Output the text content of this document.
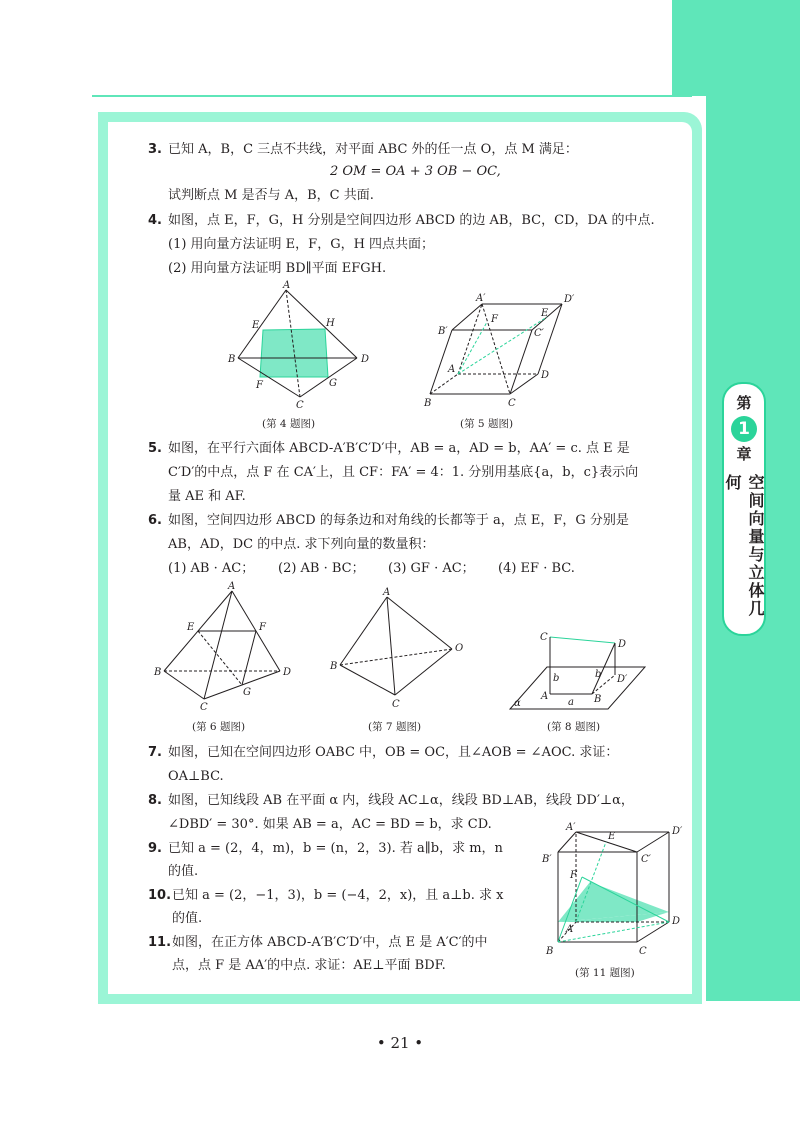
第
1
章
空间向量与立体几何
3. 已知 A，B，C 三点不共线，对平面 ABC 外的任一点 O，点 M 满足：
2 OM = OA + 3 OB − OC,
试判断点 M 是否与 A，B，C 共面.
4. 如图，点 E，F，G，H 分别是空间四边形 ABCD 的边 AB，BC，CD，DA 的中点.
(1) 用向量方法证明 E，F，G，H 四点共面；
(2) 用向量方法证明 BD∥平面 EFGH.
A
B
C
D
E
F	G
H
(第 4 题图)
A′	D′
B′	C′
E
F
A
D
B	C
(第 5 题图)
5. 如图，在平行六面体 ABCD-A′B′C′D′中，AB = a，AD = b，AA′ = c. 点 E 是
C′D′的中点，点 F 在 CA′上，且 CF：FA′ = 4：1. 分别用基底{a，b，c}表示向
量 AE 和 AF.
6. 如图，空间四边形 ABCD 的每条边和对角线的长都等于 a，点 E，F，G 分别是
AB，AD，DC 的中点. 求下列向量的数量积：
(1) AB · AC； (2) AB · BC； (3) GF · AC； (4) EF · BC.
A
B
C
D
E	F
G
(第 6 题图)
A
B
C
O
(第 7 题图)
C
D
A	B
D′
a
b	b
α
(第 8 题图)
7. 如图，已知在空间四边形 OABC 中，OB = OC，且∠AOB = ∠AOC. 求证：
OA⊥BC.
8. 如图，已知线段 AB 在平面 α 内，线段 AC⊥α，线段 BD⊥AB，线段 DD′⊥α，
∠DBD′ = 30°. 如果 AB = a，AC = BD = b，求 CD.
9. 已知 a = (2，4，m)，b = (n，2，3). 若 a∥b，求 m，n
的值.
10. 已知 a = (2，−1，3)，b = (−4，2，x)，且 a⊥b. 求 x
的值.
11. 如图，在正方体 ABCD-A′B′C′D′中，点 E 是 A′C′的中
点，点 F 是 AA′的中点. 求证：AE⊥平面 BDF.
A′
E	D′
B′	C′
F
A
D
B	C
(第 11 题图)
• 21 •
